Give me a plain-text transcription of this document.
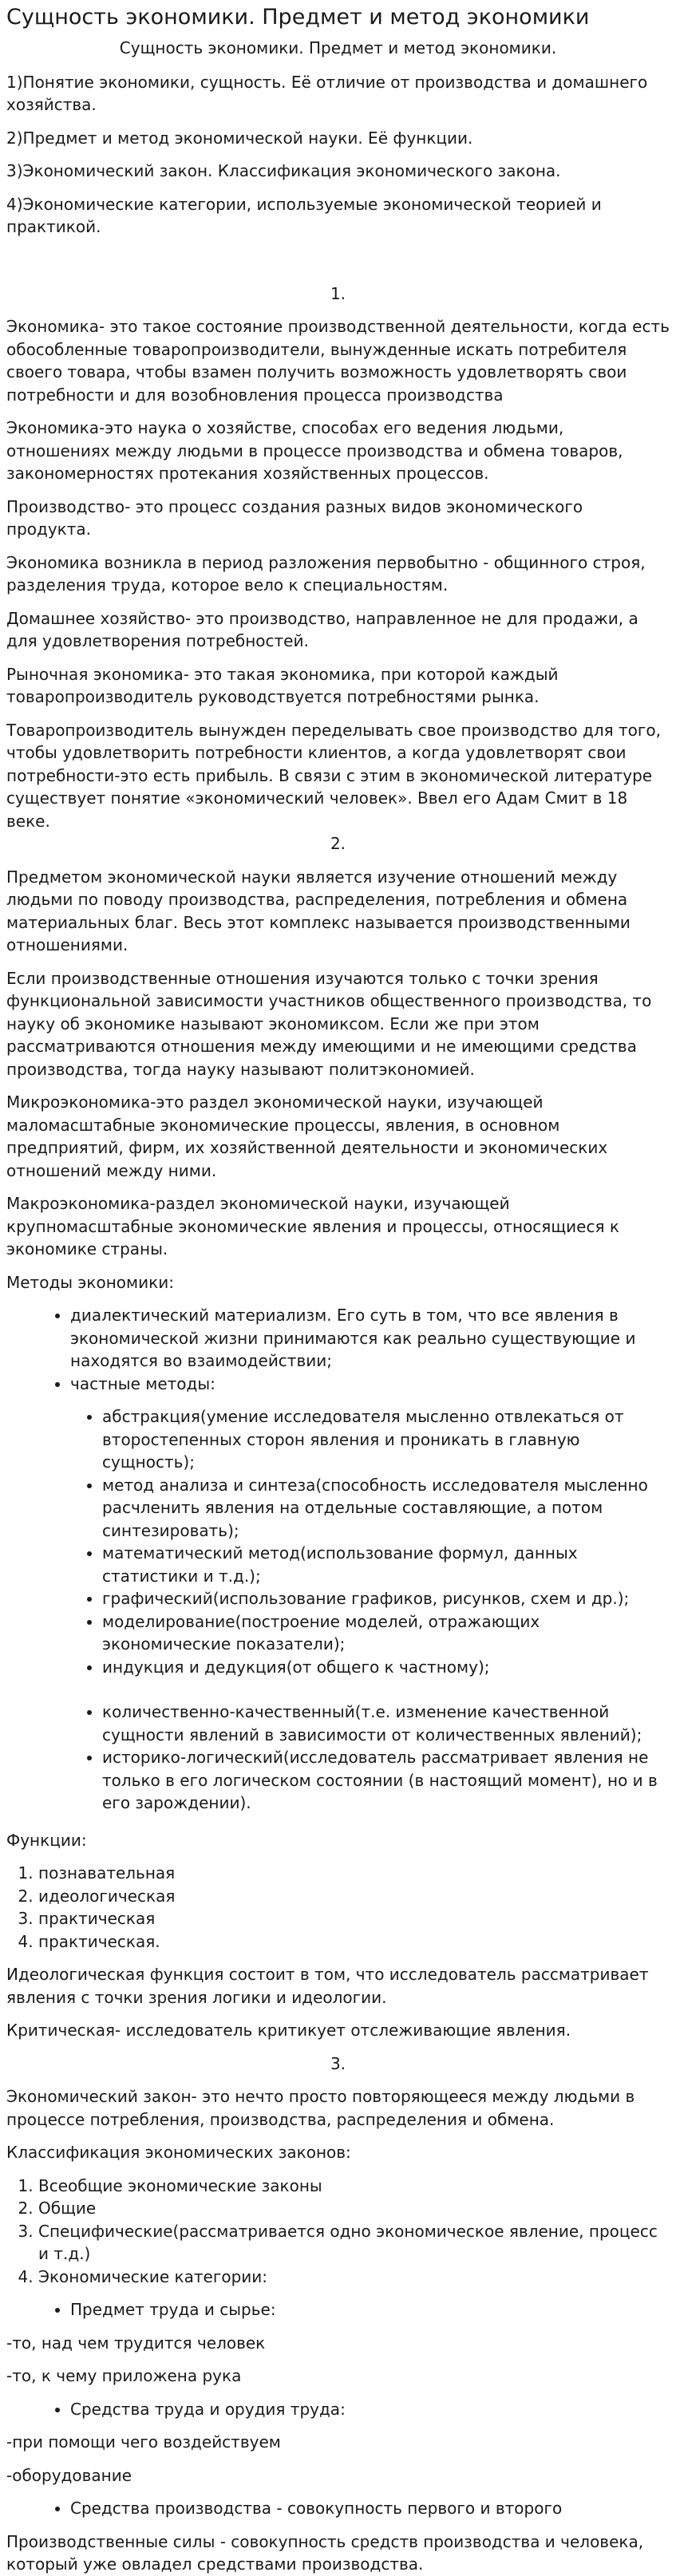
Сущность экономики. Предмет и метод экономики

Сущность экономики. Предмет и метод экономики.

1)Понятие экономики, сущность. Её отличие от производства и домашнего хозяйства.

2)Предмет и метод экономической науки. Её функции.

3)Экономический закон. Классификация экономического закона.

4)Экономические категории, используемые экономической теорией и практикой.

1.

Экономика- это такое состояние производственной деятельности, когда есть обособленные товаропроизводители, вынужденные искать потребителя своего товара, чтобы взамен получить возможность удовлетворять свои потребности и для возобновления процесса производства

Экономика-это наука о хозяйстве, способах его ведения людьми, отношениях между людьми в процессе производства и обмена товаров, закономерностях протекания хозяйственных процессов.

Производство- это процесс создания разных видов экономического продукта.

Экономика возникла в период разложения первобытно - общинного строя, разделения труда, которое вело к специальностям.

Домашнее хозяйство- это производство, направленное не для продажи, а для удовлетворения потребностей.

Рыночная экономика- это такая экономика, при которой каждый товаропроизводитель руководствуется потребностями рынка.

Товаропроизводитель вынужден переделывать свое производство для того, чтобы удовлетворить потребности клиентов, а когда удовлетворят свои потребности-это есть прибыль. В связи с этим в экономической литературе существует понятие «экономический человек». Ввел его Адам Смит в 18 веке.

2.

Предметом экономической науки является изучение отношений между людьми по поводу производства, распределения, потребления и обмена материальных благ. Весь этот комплекс называется производственными отношениями.

Если производственные отношения изучаются только с точки зрения функциональной зависимости участников общественного производства, то науку об экономике называют экономиксом. Если же при этом рассматриваются отношения между имеющими и не имеющими средства производства, тогда науку называют политэкономией.

Микроэкономика-это раздел экономической науки, изучающей маломасштабные экономические процессы, явления, в основном предприятий, фирм, их хозяйственной деятельности и экономических отношений между ними.

Макроэкономика-раздел экономической науки, изучающей крупномасштабные экономические явления и процессы, относящиеся к экономике страны.

Методы экономики:

• диалектический материализм. Его суть в том, что все явления в экономической жизни принимаются как реально существующие и находятся во взаимодействии;
• частные методы:
• абстракция(умение исследователя мысленно отвлекаться от второстепенных сторон явления и проникать в главную сущность);
• метод анализа и синтеза(способность исследователя мысленно расчленить явления на отдельные составляющие, а потом синтезировать);
• математический метод(использование формул, данных статистики и т.д.);
• графический(использование графиков, рисунков, схем и др.);
• моделирование(построение моделей, отражающих экономические показатели);
• индукция и дедукция(от общего к частному);
• количественно-качественный(т.е. изменение качественной сущности явлений в зависимости от количественных явлений);
• историко-логический(исследователь рассматривает явления не только в его логическом состоянии (в настоящий момент), но и в его зарождении).

Функции:

1. познавательная
2. идеологическая
3. практическая
4. практическая.

Идеологическая функция состоит в том, что исследователь рассматривает явления с точки зрения логики и идеологии.

Критическая- исследователь критикует отслеживающие явления.

3.

Экономический закон- это нечто просто повторяющееся между людьми в процессе потребления, производства, распределения и обмена.

Классификация экономических законов:

1. Всеобщие экономические законы
2. Общие
3. Специфические(рассматривается одно экономическое явление, процесс и т.д.)
4. Экономические категории:
• Предмет труда и сырье:

-то, над чем трудится человек

-то, к чему приложена рука

• Средства труда и орудия труда:

-при помощи чего воздействуем

-оборудование

• Средства производства - совокупность первого и второго

Производственные силы - совокупность средств производства и человека, который уже овладел средствами производства.
